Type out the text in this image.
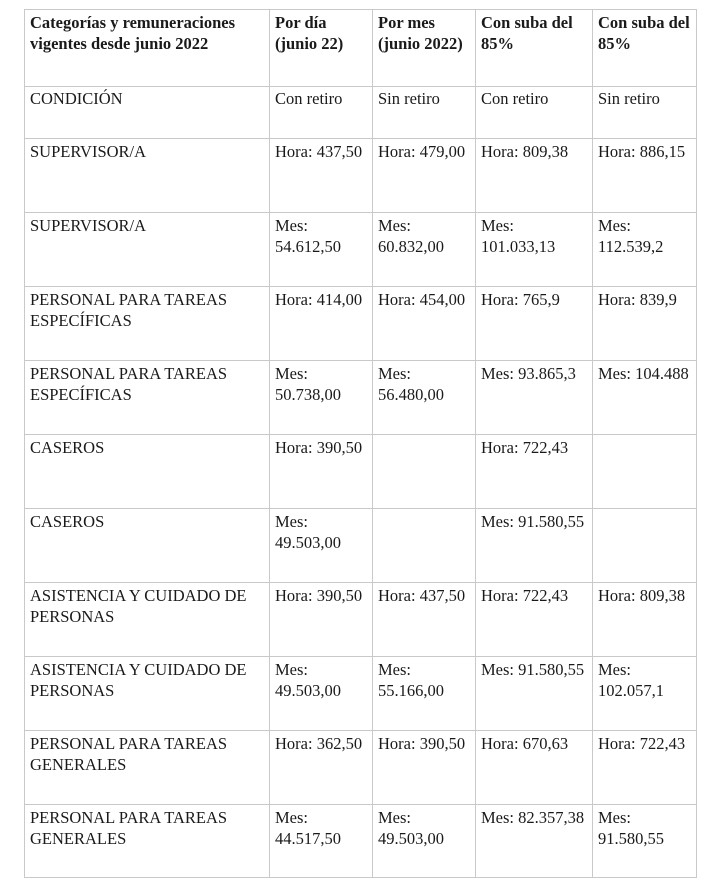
Categorías y remuneraciones vigentes desde junio 2022	Por día (junio 22)	Por mes (junio 2022)	Con suba del 85%	Con suba del 85%
CONDICIÓN	Con retiro	Sin retiro	Con retiro	Sin retiro
SUPERVISOR/A	Hora: 437,50	Hora: 479,00	Hora: 809,38	Hora: 886,15
SUPERVISOR/A	Mes: 54.612,50	Mes: 60.832,00	Mes: 101.033,13	Mes: 112.539,2
PERSONAL PARA TAREAS ESPECÍFICAS	Hora: 414,00	Hora: 454,00	Hora: 765,9	Hora: 839,9
PERSONAL PARA TAREAS ESPECÍFICAS	Mes: 50.738,00	Mes: 56.480,00	Mes: 93.865,3	Mes: 104.488
CASEROS	Hora: 390,50		Hora: 722,43	
CASEROS	Mes: 49.503,00		Mes: 91.580,55	
ASISTENCIA Y CUIDADO DE PERSONAS	Hora: 390,50	Hora: 437,50	Hora: 722,43	Hora: 809,38
ASISTENCIA Y CUIDADO DE PERSONAS	Mes: 49.503,00	Mes: 55.166,00	Mes: 91.580,55	Mes: 102.057,1
PERSONAL PARA TAREAS GENERALES	Hora: 362,50	Hora: 390,50	Hora: 670,63	Hora: 722,43
PERSONAL PARA TAREAS GENERALES	Mes: 44.517,50	Mes: 49.503,00	Mes: 82.357,38	Mes: 91.580,55
